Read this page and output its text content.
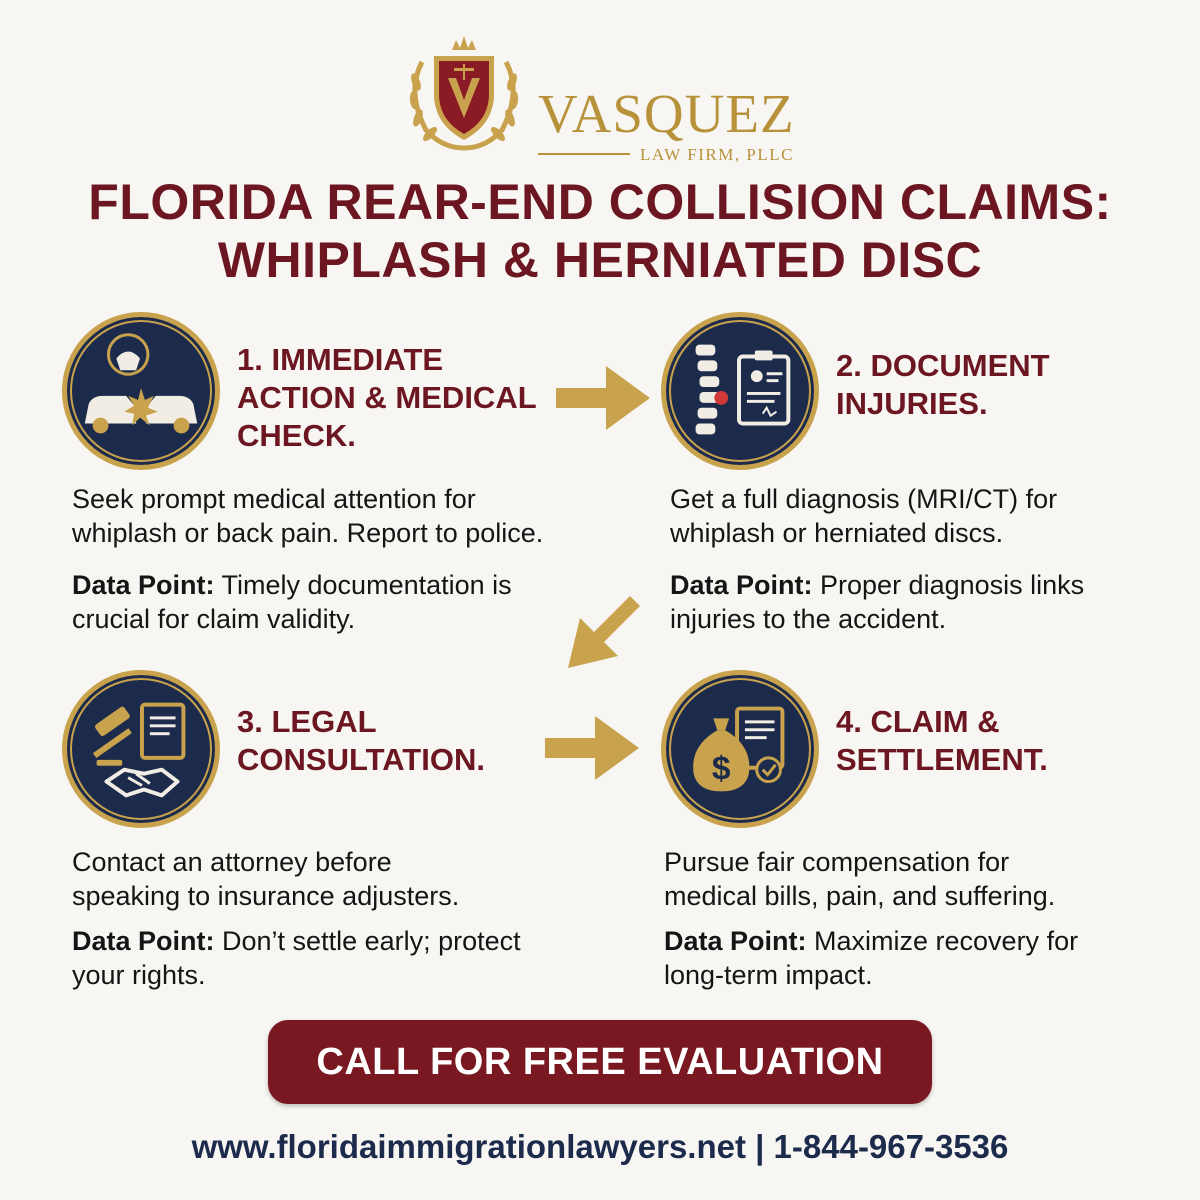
VASQUEZ
LAW FIRM, PLLC
FLORIDA REAR-END COLLISION CLAIMS:
WHIPLASH & HERNIATED DISC
1. IMMEDIATE
ACTION & MEDICAL
CHECK.
Seek prompt medical attention for
whiplash or back pain. Report to police.
Data Point: Timely documentation is
crucial for claim validity.
2. DOCUMENT
INJURIES.
Get a full diagnosis (MRI/CT) for
whiplash or herniated discs.
Data Point: Proper diagnosis links
injuries to the accident.
3. LEGAL
CONSULTATION.
Contact an attorney before
speaking to insurance adjusters.
Data Point: Don’t settle early; protect
your rights.
$
4. CLAIM &
SETTLEMENT.
Pursue fair compensation for
medical bills, pain, and suffering.
Data Point: Maximize recovery for
long-term impact.
CALL FOR FREE EVALUATION
www.floridaimmigrationlawyers.net | 1-844-967-3536
